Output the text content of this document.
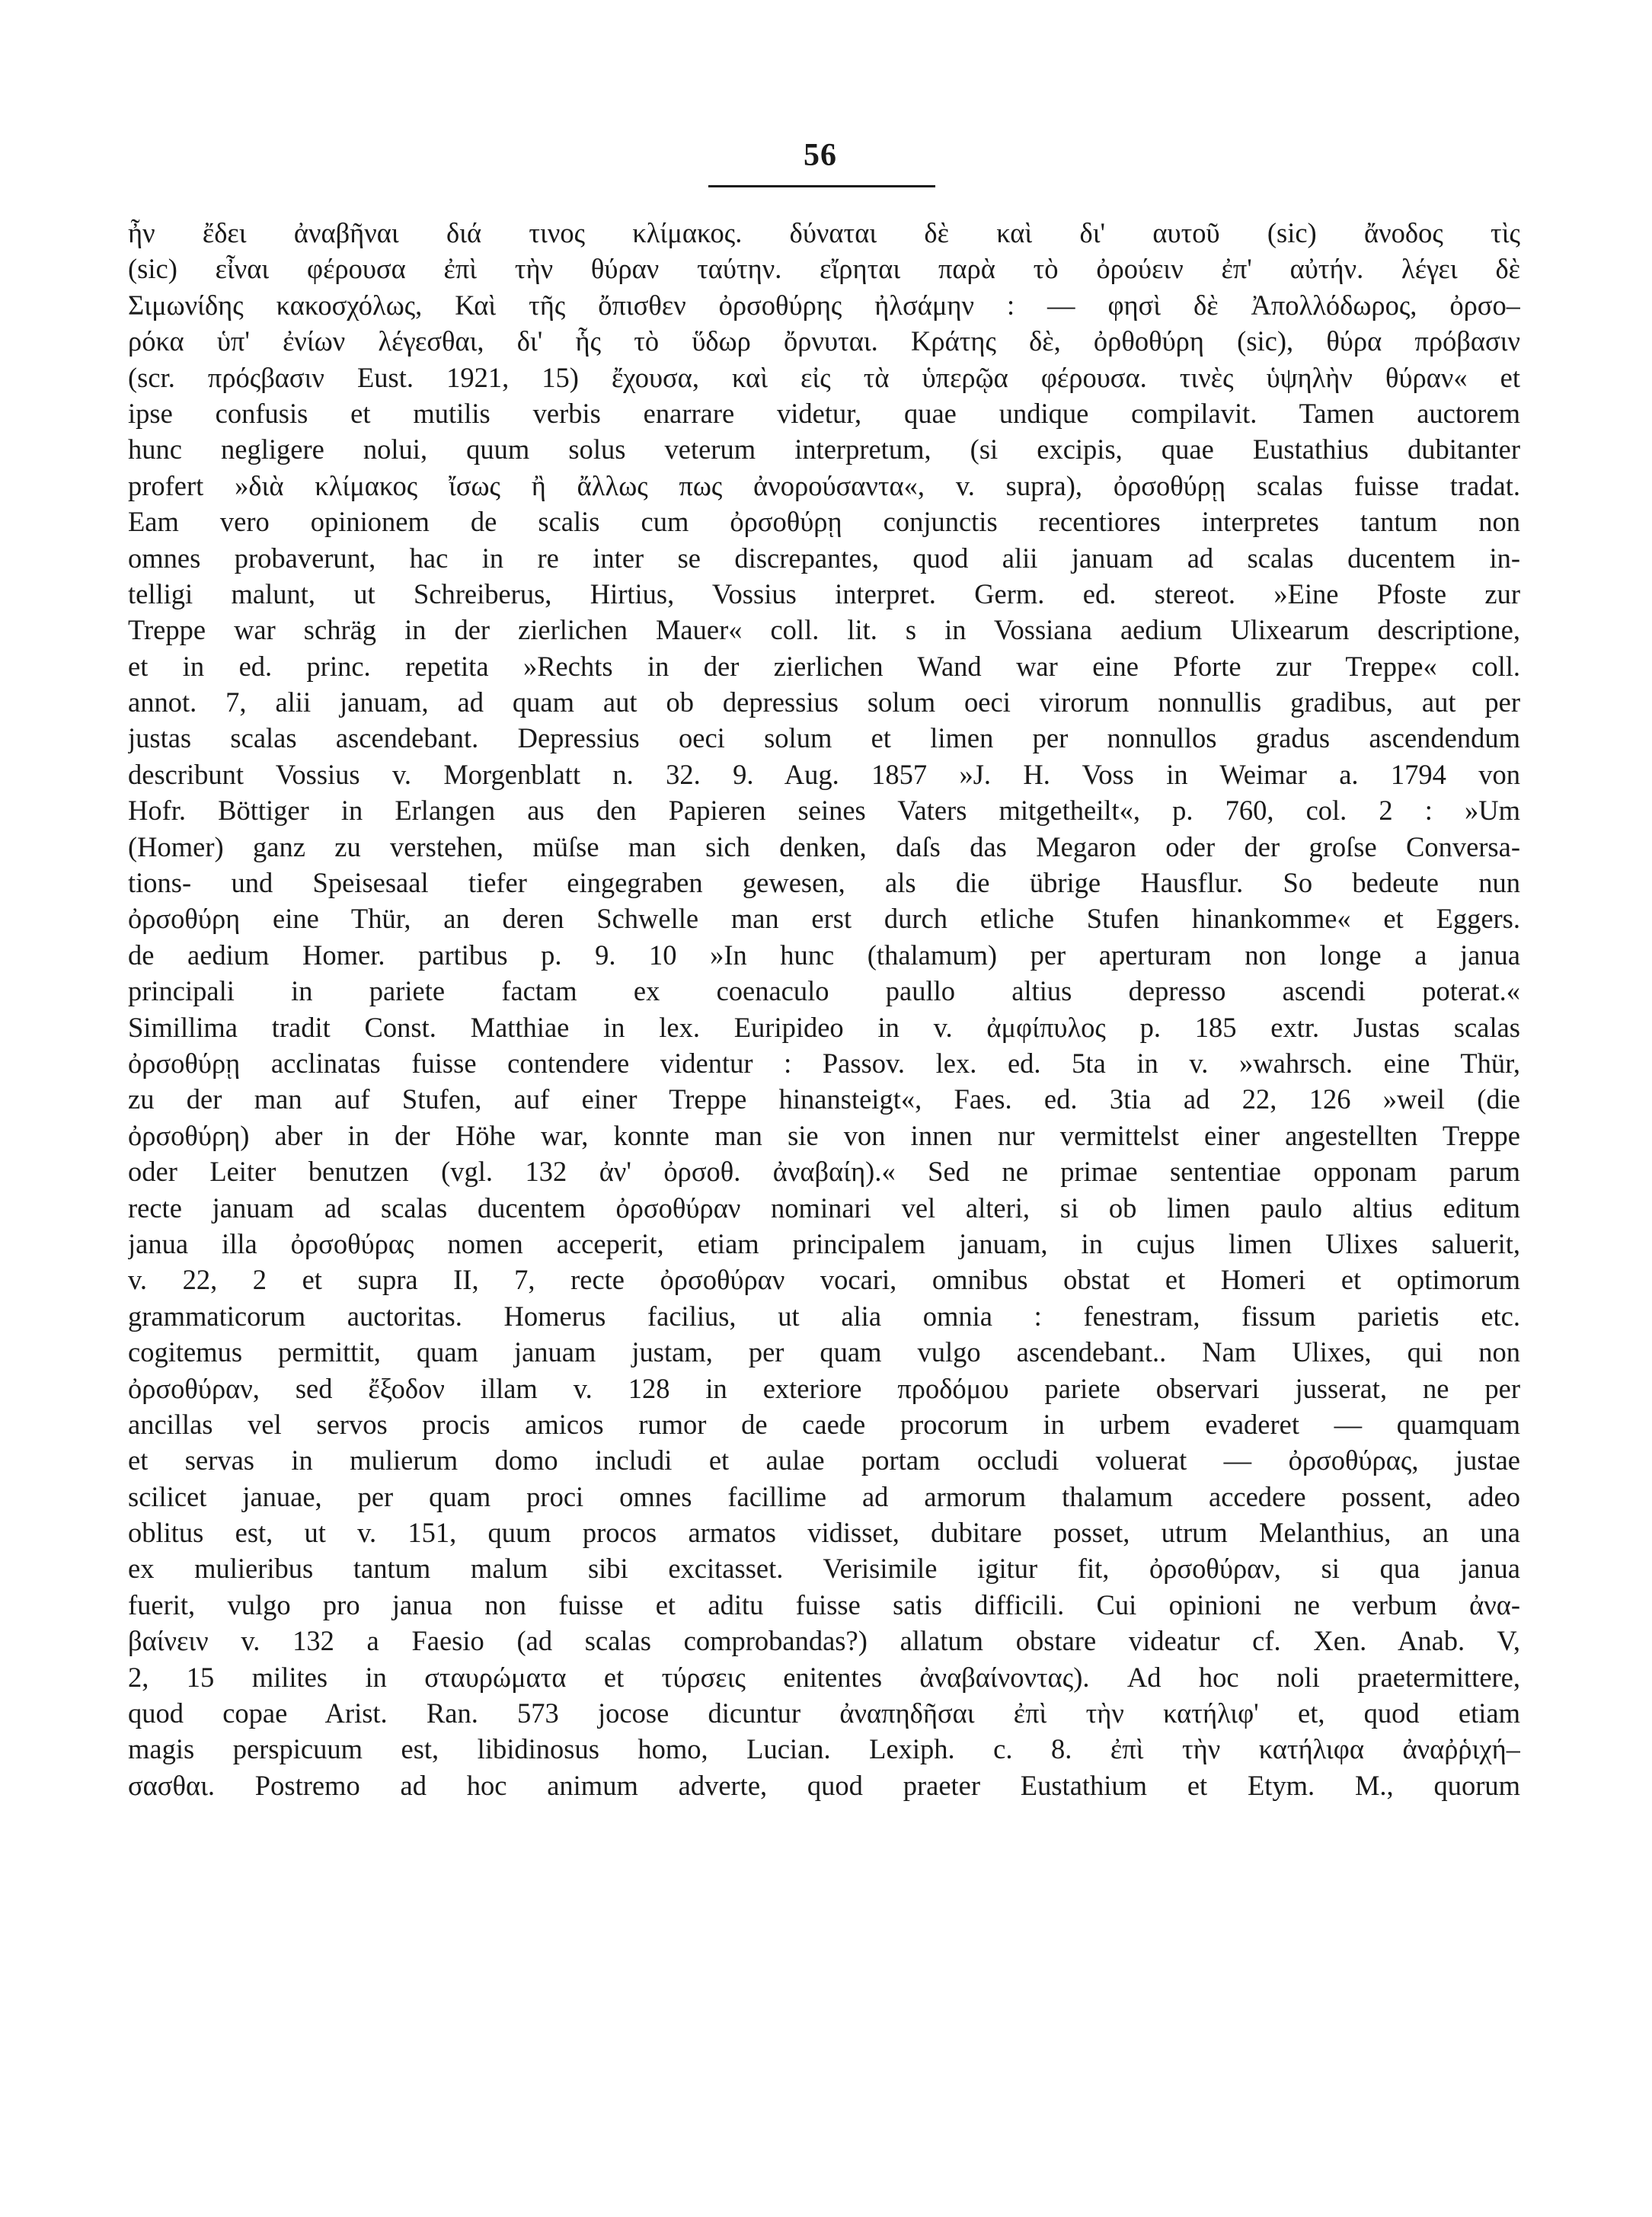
56
ἦν ἔδει ἀναβῆναι διά τινος κλίμακος. δύναται δὲ καὶ δι' αυτοῦ (sic) ἄνοδος τὶς
(sic) εἶναι φέρουσα ἐπὶ τὴν θύραν ταύτην. εἴρηται παρὰ τὸ ὀρούειν ἐπ' αὐτήν. λέγει δὲ
Σιμωνίδης κακοσχόλως, Καὶ τῆς ὄπισθεν ὀρσοθύρης ἠλσάμην : — φησὶ δὲ Ἀπολλόδωρος, ὀρσο–
ρόκα ὑπ' ἐνίων λέγεσθαι, δι' ἧς τὸ ὕδωρ ὄρνυται. Κράτης δὲ, ὀρθοθύρη (sic), θύρα πρόβασιν
(scr. πρόςβασιν Eust. 1921, 15) ἔχουσα, καὶ εἰς τὰ ὑπερῷα φέρουσα. τινὲς ὑψηλὴν θύραν« et
ipse confusis et mutilis verbis enarrare videtur, quae undique compilavit. Tamen auctorem
hunc negligere nolui, quum solus veterum interpretum, (si excipis, quae Eustathius dubitanter
profert »διὰ κλίμακος ἴσως ἢ ἄλλως πως ἀνορούσαντα«, v. supra), ὀρσοθύρῃ scalas fuisse tradat.
Eam vero opinionem de scalis cum ὀρσοθύρῃ conjunctis recentiores interpretes tantum non
omnes probaverunt, hac in re inter se discrepantes, quod alii januam ad scalas ducentem in-
telligi malunt, ut Schreiberus, Hirtius, Vossius interpret. Germ. ed. stereot. »Eine Pfoste zur
Treppe war schräg in der zierlichen Mauer« coll. lit. s in Vossiana aedium Ulixearum descriptione,
et in ed. princ. repetita »Rechts in der zierlichen Wand war eine Pforte zur Treppe« coll.
annot. 7, alii januam, ad quam aut ob depressius solum oeci virorum nonnullis gradibus, aut per
justas scalas ascendebant. Depressius oeci solum et limen per nonnullos gradus ascendendum
describunt Vossius v. Morgenblatt n. 32. 9. Aug. 1857 »J. H. Voss in Weimar a. 1794 von
Hofr. Böttiger in Erlangen aus den Papieren seines Vaters mitgetheilt«, p. 760, col. 2 : »Um
(Homer) ganz zu verstehen, müſse man sich denken, daſs das Megaron oder der groſse Conversa-
tions- und Speisesaal tiefer eingegraben gewesen, als die übrige Hausflur. So bedeute nun
ὀρσοθύρη eine Thür, an deren Schwelle man erst durch etliche Stufen hinankomme« et Eggers.
de aedium Homer. partibus p. 9. 10 »In hunc (thalamum) per aperturam non longe a janua
principali in pariete factam ex coenaculo paullo altius depresso ascendi poterat.«
Simillima tradit Const. Matthiae in lex. Euripideo in v. ἀμφίπυλος p. 185 extr. Justas scalas
ὀρσοθύρῃ acclinatas fuisse contendere videntur : Passov. lex. ed. 5ta in v. »wahrsch. eine Thür,
zu der man auf Stufen, auf einer Treppe hinansteigt«, Faes. ed. 3tia ad 22, 126 »weil (die
ὀρσοθύρη) aber in der Höhe war, konnte man sie von innen nur vermittelst einer angestellten Treppe
oder Leiter benutzen (vgl. 132 ἀν' ὀρσοθ. ἀναβαίη).« Sed ne primae sententiae opponam parum
recte januam ad scalas ducentem ὀρσοθύραν nominari vel alteri, si ob limen paulo altius editum
janua illa ὀρσοθύρας nomen acceperit, etiam principalem januam, in cujus limen Ulixes saluerit,
v. 22, 2 et supra II, 7, recte ὀρσοθύραν vocari, omnibus obstat et Homeri et optimorum
grammaticorum auctoritas. Homerus facilius, ut alia omnia : fenestram, fissum parietis etc.
cogitemus permittit, quam januam justam, per quam vulgo ascendebant.. Nam Ulixes, qui non
ὀρσοθύραν, sed ἔξοδον illam v. 128 in exteriore προδόμου pariete observari jusserat, ne per
ancillas vel servos procis amicos rumor de caede procorum in urbem evaderet — quamquam
et servas in mulierum domo includi et aulae portam occludi voluerat — ὀρσοθύρας, justae
scilicet januae, per quam proci omnes facillime ad armorum thalamum accedere possent, adeo
oblitus est, ut v. 151, quum procos armatos vidisset, dubitare posset, utrum Melanthius, an una
ex mulieribus tantum malum sibi excitasset. Verisimile igitur fit, ὀρσοθύραν, si qua janua
fuerit, vulgo pro janua non fuisse et aditu fuisse satis difficili. Cui opinioni ne verbum ἀνα-
βαίνειν v. 132 a Faesio (ad scalas comprobandas?) allatum obstare videatur cf. Xen. Anab. V,
2, 15 milites in σταυρώματα et τύρσεις enitentes ἀναβαίνοντας). Ad hoc noli praetermittere,
quod copae Arist. Ran. 573 jocose dicuntur ἀναπηδῆσαι ἐπὶ τὴν κατήλιφ' et, quod etiam
magis perspicuum est, libidinosus homo, Lucian. Lexiph. c. 8. ἐπὶ τὴν κατήλιφα ἀναῤῥιχή–
σασθαι. Postremo ad hoc animum adverte, quod praeter Eustathium et Etym. M., quorum
